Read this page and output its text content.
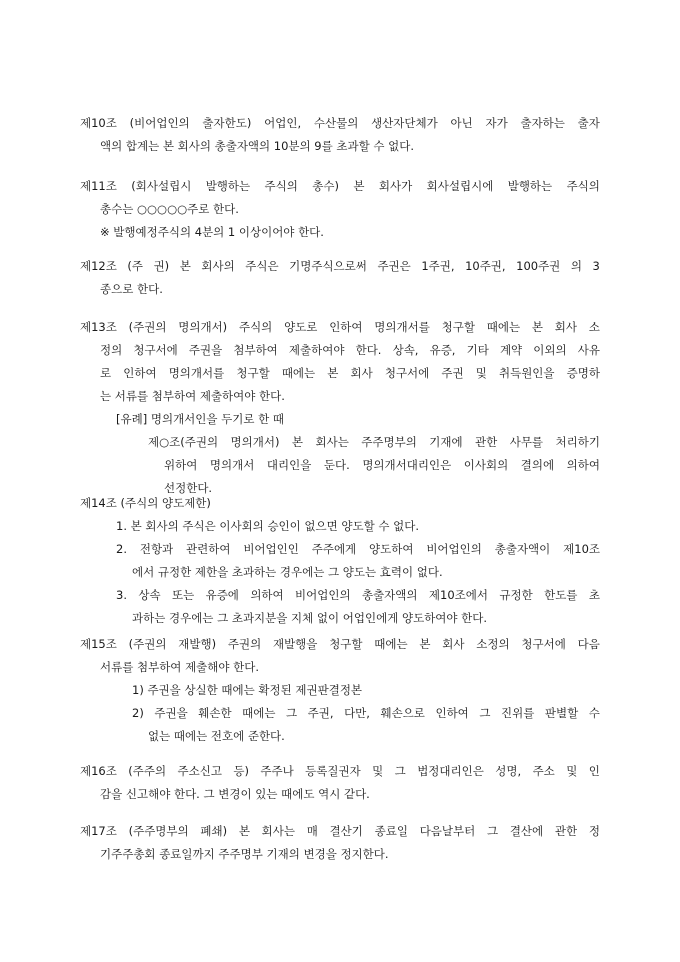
제10조 (비어업인의 출자한도) 어업인, 수산물의 생산자단체가 아닌 자가 출자하는 출자
액의 합계는 본 회사의 총출자액의 10분의 9를 초과할 수 없다.
제11조 (회사설립시 발행하는 주식의 총수) 본 회사가 회사설립시에 발행하는 주식의
총수는 ○○○○○주로 한다.
※ 발행예정주식의 4분의 1 이상이어야 한다.
제12조 (주 권) 본 회사의 주식은 기명주식으로써 주권은 1주권, 10주권, 100주권 의 3
종으로 한다.
제13조 (주권의 명의개서) 주식의 양도로 인하여 명의개서를 청구할 때에는 본 회사 소
정의 청구서에 주권을 첨부하여 제출하여야 한다. 상속, 유증, 기타 계약 이외의 사유
로 인하여 명의개서를 청구할 때에는 본 회사 청구서에 주권 및 취득원인을 증명하
는 서류를 첨부하여 제출하여야 한다.
[유례] 명의개서인을 두기로 한 때
제○조(주권의 명의개서) 본 회사는 주주명부의 기재에 관한 사무를 처리하기
위하여 명의개서 대리인을 둔다. 명의개서대리인은 이사회의 결의에 의하여
선정한다.
제14조 (주식의 양도제한)
1. 본 회사의 주식은 이사회의 승인이 없으면 양도할 수 없다.
2. 전항과 관련하여 비어업인인 주주에게 양도하여 비어업인의 총출자액이 제10조
에서 규정한 제한을 초과하는 경우에는 그 양도는 효력이 없다.
3. 상속 또는 유증에 의하여 비어업인의 총출자액의 제10조에서 규정한 한도를 초
과하는 경우에는 그 초과지분을 지체 없이 어업인에게 양도하여야 한다.
제15조 (주권의 재발행) 주권의 재발행을 청구할 때에는 본 회사 소정의 청구서에 다음
서류를 첨부하여 제출해야 한다.
1) 주권을 상실한 때에는 확정된 제권판결정본
2) 주권을 훼손한 때에는 그 주권, 다만, 훼손으로 인하여 그 진위를 판별할 수
없는 때에는 전호에 준한다.
제16조 (주주의 주소신고 등) 주주나 등록질권자 및 그 법정대리인은 성명, 주소 및 인
감을 신고해야 한다. 그 변경이 있는 때에도 역시 같다.
제17조 (주주명부의 폐쇄) 본 회사는 매 결산기 종료일 다음날부터 그 결산에 관한 정
기주주총회 종료일까지 주주명부 기재의 변경을 정지한다.
